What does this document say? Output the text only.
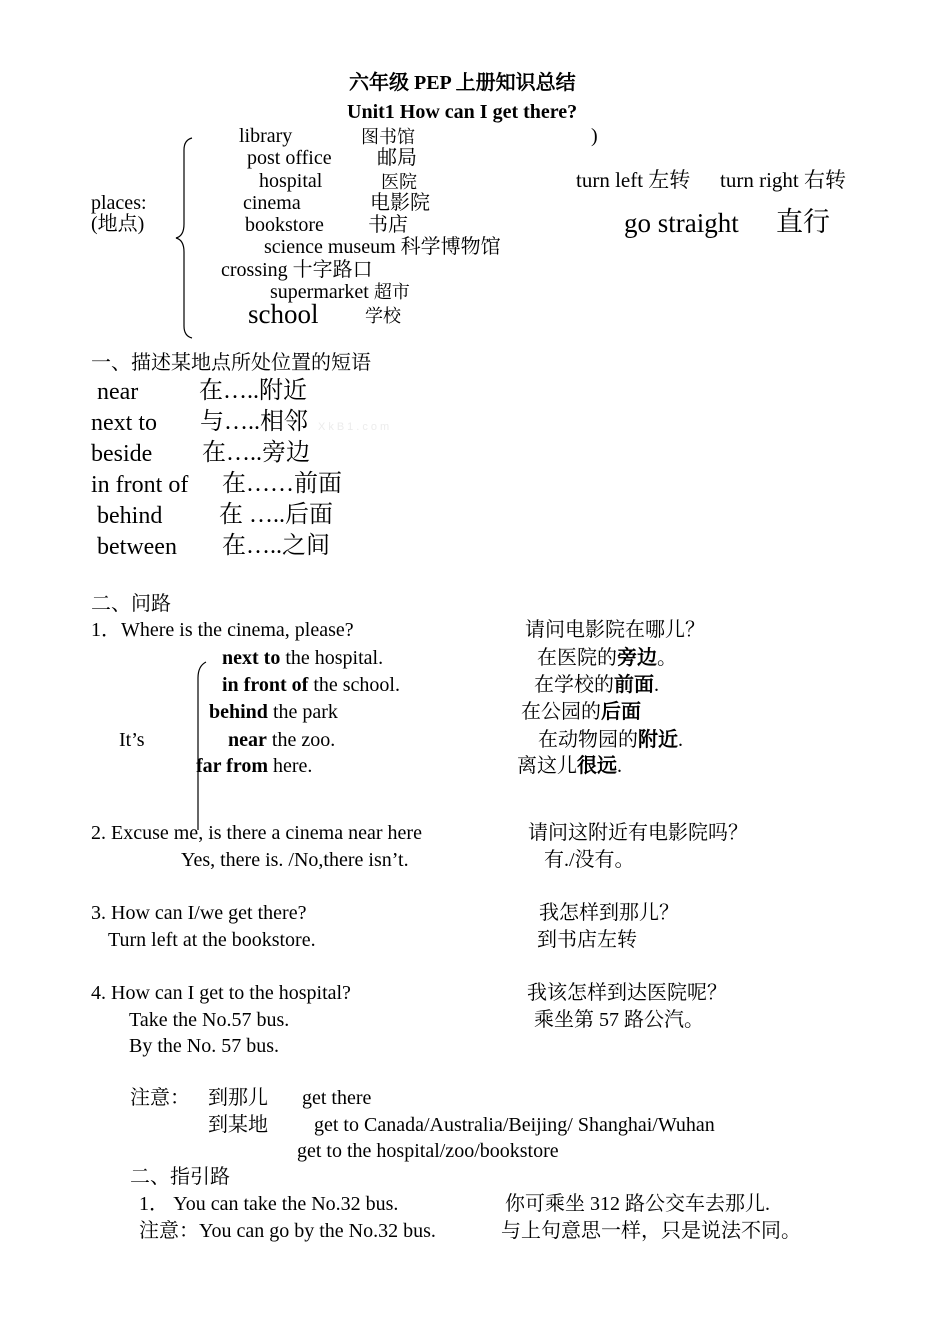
六年级 PEP 上册知识总结
Unit1 How can I get there?
places:
(地点)
library	图书馆	)
post office 邮局
hospital	医院	turn left 左转 turn right 右转
cinema	电影院
bookstore 书店	go straight 直行
science museum 科学博物馆
crossing 十字路口
supermarket 超市
school	学校
一、描述某地点所处位置的短语
near	在…..附近
next to 与…..相邻 XkB1.com
beside 在…..旁边
in front of 在……前面
behind 在 …..后面
between 在…..之间
二、问路
1．Where is the cinema, please?	请问电影院在哪儿？
It’s
next to the hospital.	在医院的旁边。
in front of the school.	在学校的前面.
behind the park	在公园的后面
near the zoo.	在动物园的附近.
far from here.	离这儿很远.
2. Excuse me, is there a cinema near here	请问这附近有电影院吗？
Yes, there is. /No,there isn’t.	有./没有。
3. How can I/we get there?	我怎样到那儿？
Turn left at the bookstore.	到书店左转
4. How can I get to the hospital?	我该怎样到达医院呢？
Take the No.57 bus.	乘坐第 57 路公汽。
By the No. 57 bus.
注意： 到那儿 get there
到某地 get to Canada/Australia/Beijing/ Shanghai/Wuhan
get to the hospital/zoo/bookstore
二、指引路
1． You can take the No.32 bus.	你可乘坐 312 路公交车去那儿.
注意：You can go by the No.32 bus.	与上句意思一样，只是说法不同。
